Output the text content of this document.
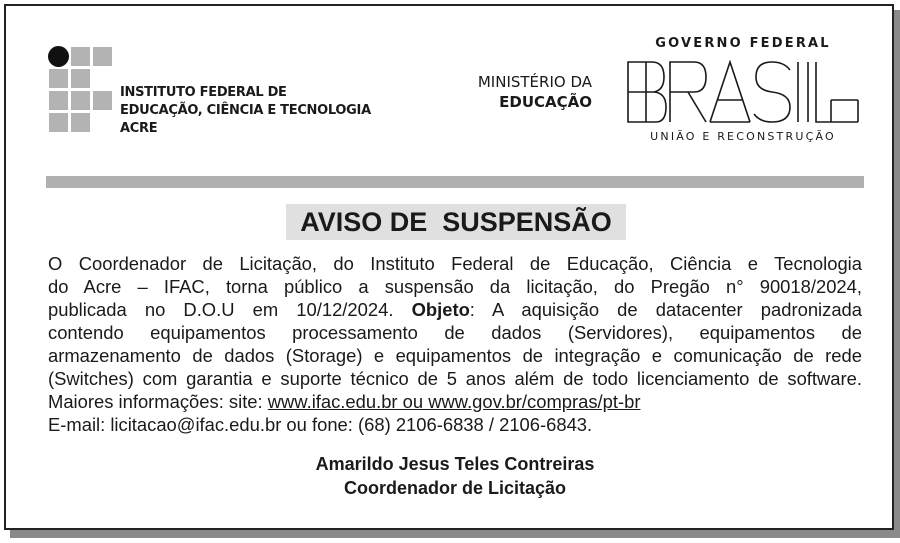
INSTITUTO FEDERAL DE
EDUCAÇÃO, CIÊNCIA E TECNOLOGIA
ACRE
MINISTÉRIO DA
EDUCAÇÃO
GOVERNO FEDERAL
UNIÃO E RECONSTRUÇÃO
AVISO DE  SUSPENSÃO
O Coordenador de Licitação, do Instituto Federal de Educação, Ciência e Tecnologia
do Acre – IFAC, torna público a suspensão da licitação, do Pregão n° 90018/2024,
publicada no D.O.U em 10/12/2024. Objeto: A aquisição de datacenter padronizada
contendo equipamentos processamento de dados (Servidores), equipamentos de
armazenamento de dados (Storage) e equipamentos de integração e comunicação de rede
(Switches) com garantia e suporte técnico de 5 anos além de todo licenciamento de software.
Maiores informações: site: www.ifac.edu.br ou www.gov.br/compras/pt-br
E-mail: licitacao@ifac.edu.br ou fone: (68) 2106-6838 / 2106-6843.
Amarildo Jesus Teles Contreiras
Coordenador de Licitação
